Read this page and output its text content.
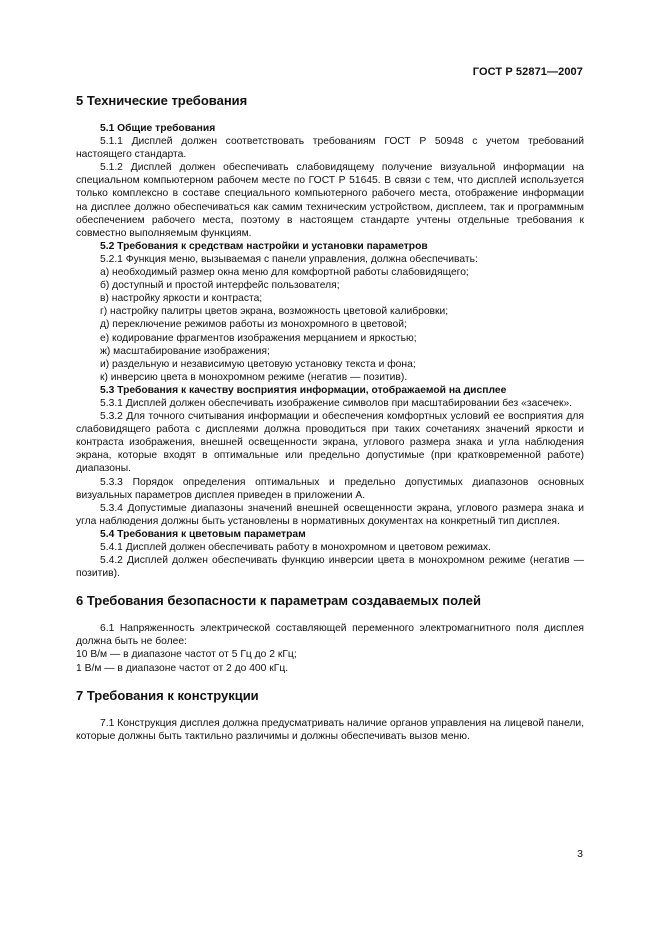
ГОСТ Р 52871—2007
5 Технические требования

5.1 Общие требования

5.1.1 Дисплей должен соответствовать требованиям ГОСТ Р 50948 с учетом требований настоящего стандарта.

5.1.2 Дисплей должен обеспечивать слабовидящему получение визуальной информации на специальном компьютерном рабочем месте по ГОСТ Р 51645. В связи с тем, что дисплей используется только комплексно в составе специального компьютерного рабочего места, отображение информации на дисплее должно обеспечиваться как самим техническим устройством, дисплеем, так и программным обеспечением рабочего места, поэтому в настоящем стандарте учтены отдельные требования к совместно выполняемым функциям.

5.2 Требования к средствам настройки и установки параметров

5.2.1 Функция меню, вызываемая с панели управления, должна обеспечивать:

а) необходимый размер окна меню для комфортной работы слабовидящего;

б) доступный и простой интерфейс пользователя;

в) настройку яркости и контраста;

г) настройку палитры цветов экрана, возможность цветовой калибровки;

д) переключение режимов работы из монохромного в цветовой;

е) кодирование фрагментов изображения мерцанием и яркостью;

ж) масштабирование изображения;

и) раздельную и независимую цветовую установку текста и фона;

к) инверсию цвета в монохромном режиме (негатив — позитив).

5.3 Требования к качеству восприятия информации, отображаемой на дисплее

5.3.1 Дисплей должен обеспечивать изображение символов при масштабировании без «засечек».

5.3.2 Для точного считывания информации и обеспечения комфортных условий ее восприятия для слабовидящего работа с дисплеями должна проводиться при таких сочетаниях значений яркости и контраста изображения, внешней освещенности экрана, углового размера знака и угла наблюдения экрана, которые входят в оптимальные или предельно допустимые (при кратковременной работе) диапазоны.

5.3.3 Порядок определения оптимальных и предельно допустимых диапазонов основных визуальных параметров дисплея приведен в приложении А.

5.3.4 Допустимые диапазоны значений внешней освещенности экрана, углового размера знака и угла наблюдения должны быть установлены в нормативных документах на конкретный тип дисплея.

5.4 Требования к цветовым параметрам

5.4.1 Дисплей должен обеспечивать работу в монохромном и цветовом режимах.

5.4.2 Дисплей должен обеспечивать функцию инверсии цвета в монохромном режиме (негатив — позитив).

6 Требования безопасности к параметрам создаваемых полей

6.1 Напряженность электрической составляющей переменного электромагнитного поля дисплея должна быть не более:

10 В/м — в диапазоне частот от 5 Гц до 2 кГц;

1 В/м — в диапазоне частот от 2 до 400 кГц.

7 Требования к конструкции

7.1 Конструкция дисплея должна предусматривать наличие органов управления на лицевой панели, которые должны быть тактильно различимы и должны обеспечивать вызов меню.

3
